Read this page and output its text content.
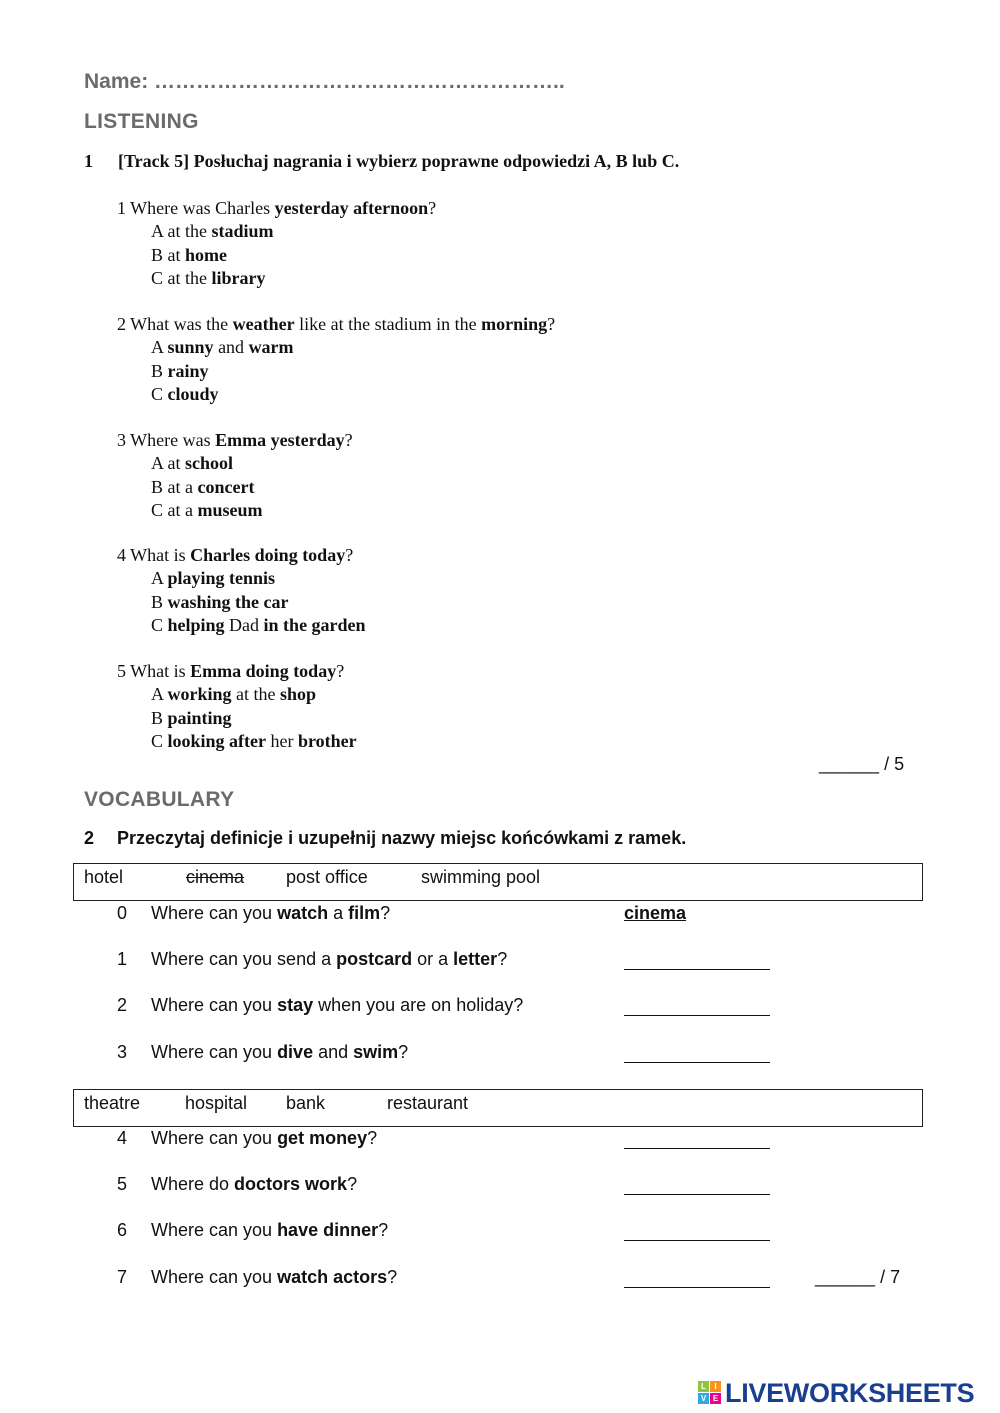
Name: …………………………………………………..
LISTENING
1 [Track 5] Posłuchaj nagrania i wybierz poprawne odpowiedzi A, B lub C.
1 Where was Charles yesterday afternoon?
A at the stadium
B at home
C at the library
2 What was the weather like at the stadium in the morning?
A sunny and warm
B rainy
C cloudy
3 Where was Emma yesterday?
A at school
B at a concert
C at a museum
4 What is Charles doing today?
A playing tennis
B washing the car
C helping Dad in the garden
5 What is Emma doing today?
A working at the shop
B painting
C looking after her brother
______ / 5
VOCABULARY
2 Przeczytaj definicje i uzupełnij nazwy miejsc końcówkami z ramek.
hotel	cinema post office	swimming pool
0 Where can you watch a film?	cinema
1 Where can you send a postcard or a letter?
2 Where can you stay when you are on holiday?
3 Where can you dive and swim?
theatre hospital bank	restaurant
4 Where can you get money?
5 Where do doctors work?
6 Where can you have dinner?
7 Where can you watch actors?	______ / 7
L	I
V E LIVEWORKSHEETS
